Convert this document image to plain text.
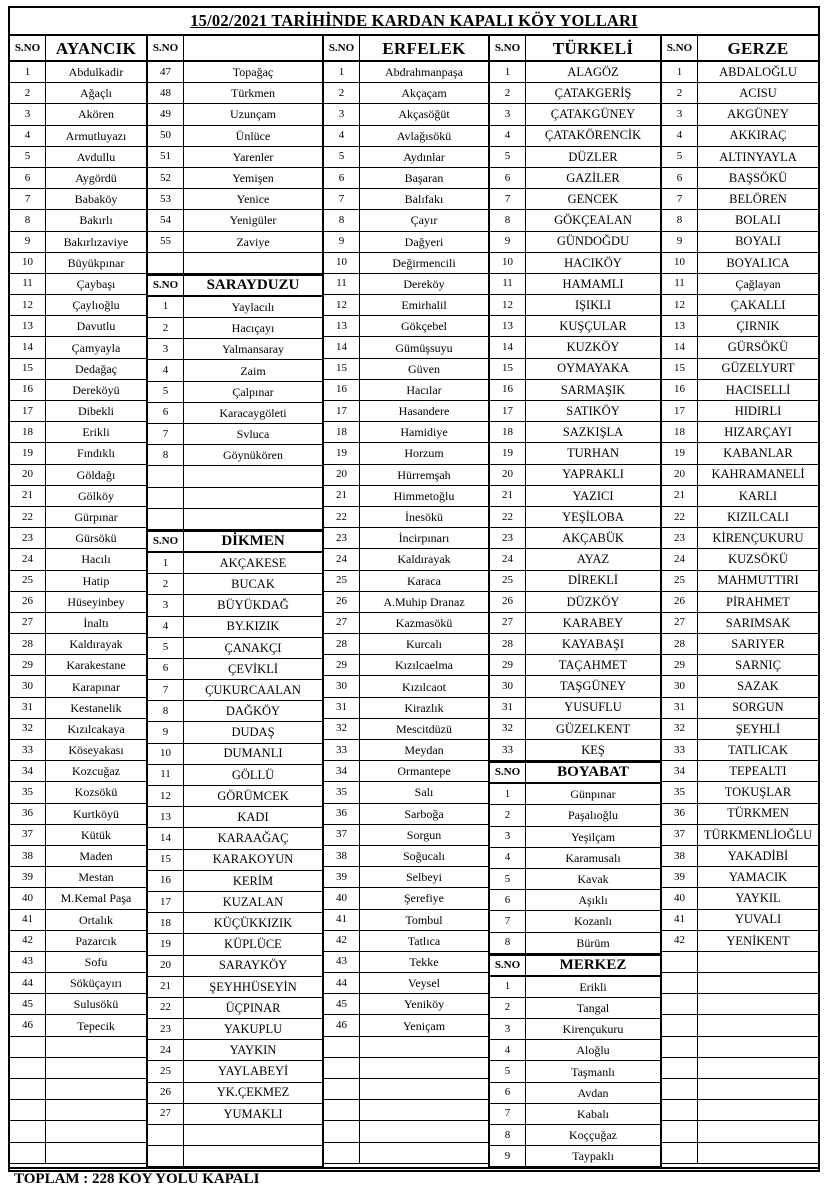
15/02/2021 TARİHİNDE KARDAN KAPALI KÖY YOLLARI
S.NO
1
2
3
4
5
6
7
8
9
10
11
12
13
14
15
16
17
18
19
20
21
22
23
24
25
26
27
28
29
30
31
32
33
34
35
36
37
38
39
40
41
42
43
44
45
46
AYANCIK
Abdulkadir
Ağaçlı
Akören
Armutluyazı
Avdullu
Aygördü
Babaköy
Bakırlı
Bakırlızaviye
Büyükpınar
Çaybaşı
Çaylıoğlu
Davutlu
Çamyayla
Dedağaç
Dereköyü
Dibekli
Erikli
Fındıklı
Göldağı
Gölköy
Gürpınar
Gürsökü
Hacılı
Hatip
Hüseyinbey
İnaltı
Kaldırayak
Karakestane
Karapınar
Kestanelik
Kızılcakaya
Köseyakası
Kozcuğaz
Kozsökü
Kurtköyü
Kütük
Maden
Mestan
M.Kemal Paşa
Ortalık
Pazarcık
Sofu
Söküçayırı
Sulusökü
Tepecik
S.NO
47
48
49
50
51
52
53
54
55
S.NO
1
2
3
4
5
6
7
8
S.NO
1
2
3
4
5
6
7
8
9
10
11
12
13
14
15
16
17
18
19
20
21
22
23
24
25
26
27
Topağaç
Türkmen
Uzunçam
Ünlüce
Yarenler
Yemişen
Yenice
Yenigüler
Zaviye
SARAYDUZU
Yaylacılı
Hacıçayı
Yalmansaray
Zaim
Çalpınar
Karacaygöleti
Svluca
Göynükören
DİKMEN
AKÇAKESE
BUCAK
BÜYÜKDAĞ
BY.KIZIK
ÇANAKÇI
ÇEVİKLİ
ÇUKURCAALAN
DAĞKÖY
DUDAŞ
DUMANLI
GÖLLÜ
GÖRÜMCEK
KADI
KARAAĞAÇ
KARAKOYUN
KERİM
KUZALAN
KÜÇÜKKIZIK
KÜPLÜCE
SARAYKÖY
ŞEYHHÜSEYİN
ÜÇPINAR
YAKUPLU
YAYKIN
YAYLABEYİ
YK.ÇEKMEZ
YUMAKLI
S.NO
1
2
3
4
5
6
7
8
9
10
11
12
13
14
15
16
17
18
19
20
21
22
23
24
25
26
27
28
29
30
31
32
33
34
35
36
37
38
39
40
41
42
43
44
45
46
ERFELEK
Abdrahmanpaşa
Akçaçam
Akçasöğüt
Avlağısökü
Aydınlar
Başaran
Balıfakı
Çayır
Dağyeri
Değirmencili
Dereköy
Emirhalil
Gökçebel
Gümüşsuyu
Güven
Hacılar
Hasandere
Hamidiye
Horzum
Hürremşah
Himmetoğlu
İnesökü
İncirpınarı
Kaldırayak
Karaca
A.Muhip Dranaz
Kazmasökü
Kurcalı
Kızılcaelma
Kızılcaot
Kirazlık
Mescitdüzü
Meydan
Ormantepe
Salı
Sarboğa
Sorgun
Soğucalı
Selbeyi
Şerefiye
Tombul
Tatlıca
Tekke
Veysel
Yeniköy
Yeniçam
S.NO
1
2
3
4
5
6
7
8
9
10
11
12
13
14
15
16
17
18
19
20
21
22
23
24
25
26
27
28
29
30
31
32
33
S.NO
1
2
3
4
5
6
7
8
S.NO
1
2
3
4
5
6
7
8
9
TÜRKELİ
ALAGÖZ
ÇATAKGERİŞ
ÇATAKGÜNEY
ÇATAKÖRENCİK
DÜZLER
GAZİLER
GENCEK
GÖKÇEALAN
GÜNDOĞDU
HACIKÖY
HAMAMLI
IŞIKLI
KUŞÇULAR
KUZKÖY
OYMAYAKA
SARMAŞIK
SATIKÖY
SAZKIŞLA
TURHAN
YAPRAKLI
YAZICI
YEŞİLOBA
AKÇABÜK
AYAZ
DİREKLİ
DÜZKÖY
KARABEY
KAYABAŞI
TAÇAHMET
TAŞGÜNEY
YUSUFLU
GÜZELKENT
KEŞ
BOYABAT
Günpınar
Paşalıoğlu
Yeşilçam
Karamusalı
Kavak
Aşıklı
Kozanlı
Bürüm
MERKEZ
Erikli
Tangal
Kirençukuru
Aloğlu
Taşmanlı
Avdan
Kabalı
Koççuğaz
Taypaklı
S.NO
1
2
3
4
5
6
7
8
9
10
11
12
13
14
15
16
17
18
19
20
21
22
23
24
25
26
27
28
29
30
31
32
33
34
35
36
37
38
39
40
41
42
GERZE
ABDALOĞLU
ACISU
AKGÜNEY
AKKIRAÇ
ALTINYAYLA
BAŞSÖKÜ
BELÖREN
BOLALI
BOYALI
BOYALICA
Çağlayan
ÇAKALLI
ÇIRNIK
GÜRSÖKÜ
GÜZELYURT
HACISELLİ
HIDIRLI
HIZARÇAYI
KABANLAR
KAHRAMANELİ
KARLI
KIZILCALI
KİRENÇUKURU
KUZSÖKÜ
MAHMUTTIRI
PİRAHMET
SARIMSAK
SARIYER
SARNIÇ
SAZAK
SORGUN
ŞEYHLİ
TATLICAK
TEPEALTI
TOKUŞLAR
TÜRKMEN
TÜRKMENLİOĞLU
YAKADİBİ
YAMACIK
YAYKIL
YUVALI
YENİKENT
TOPLAM : 228 KÖY YOLU KAPALI
